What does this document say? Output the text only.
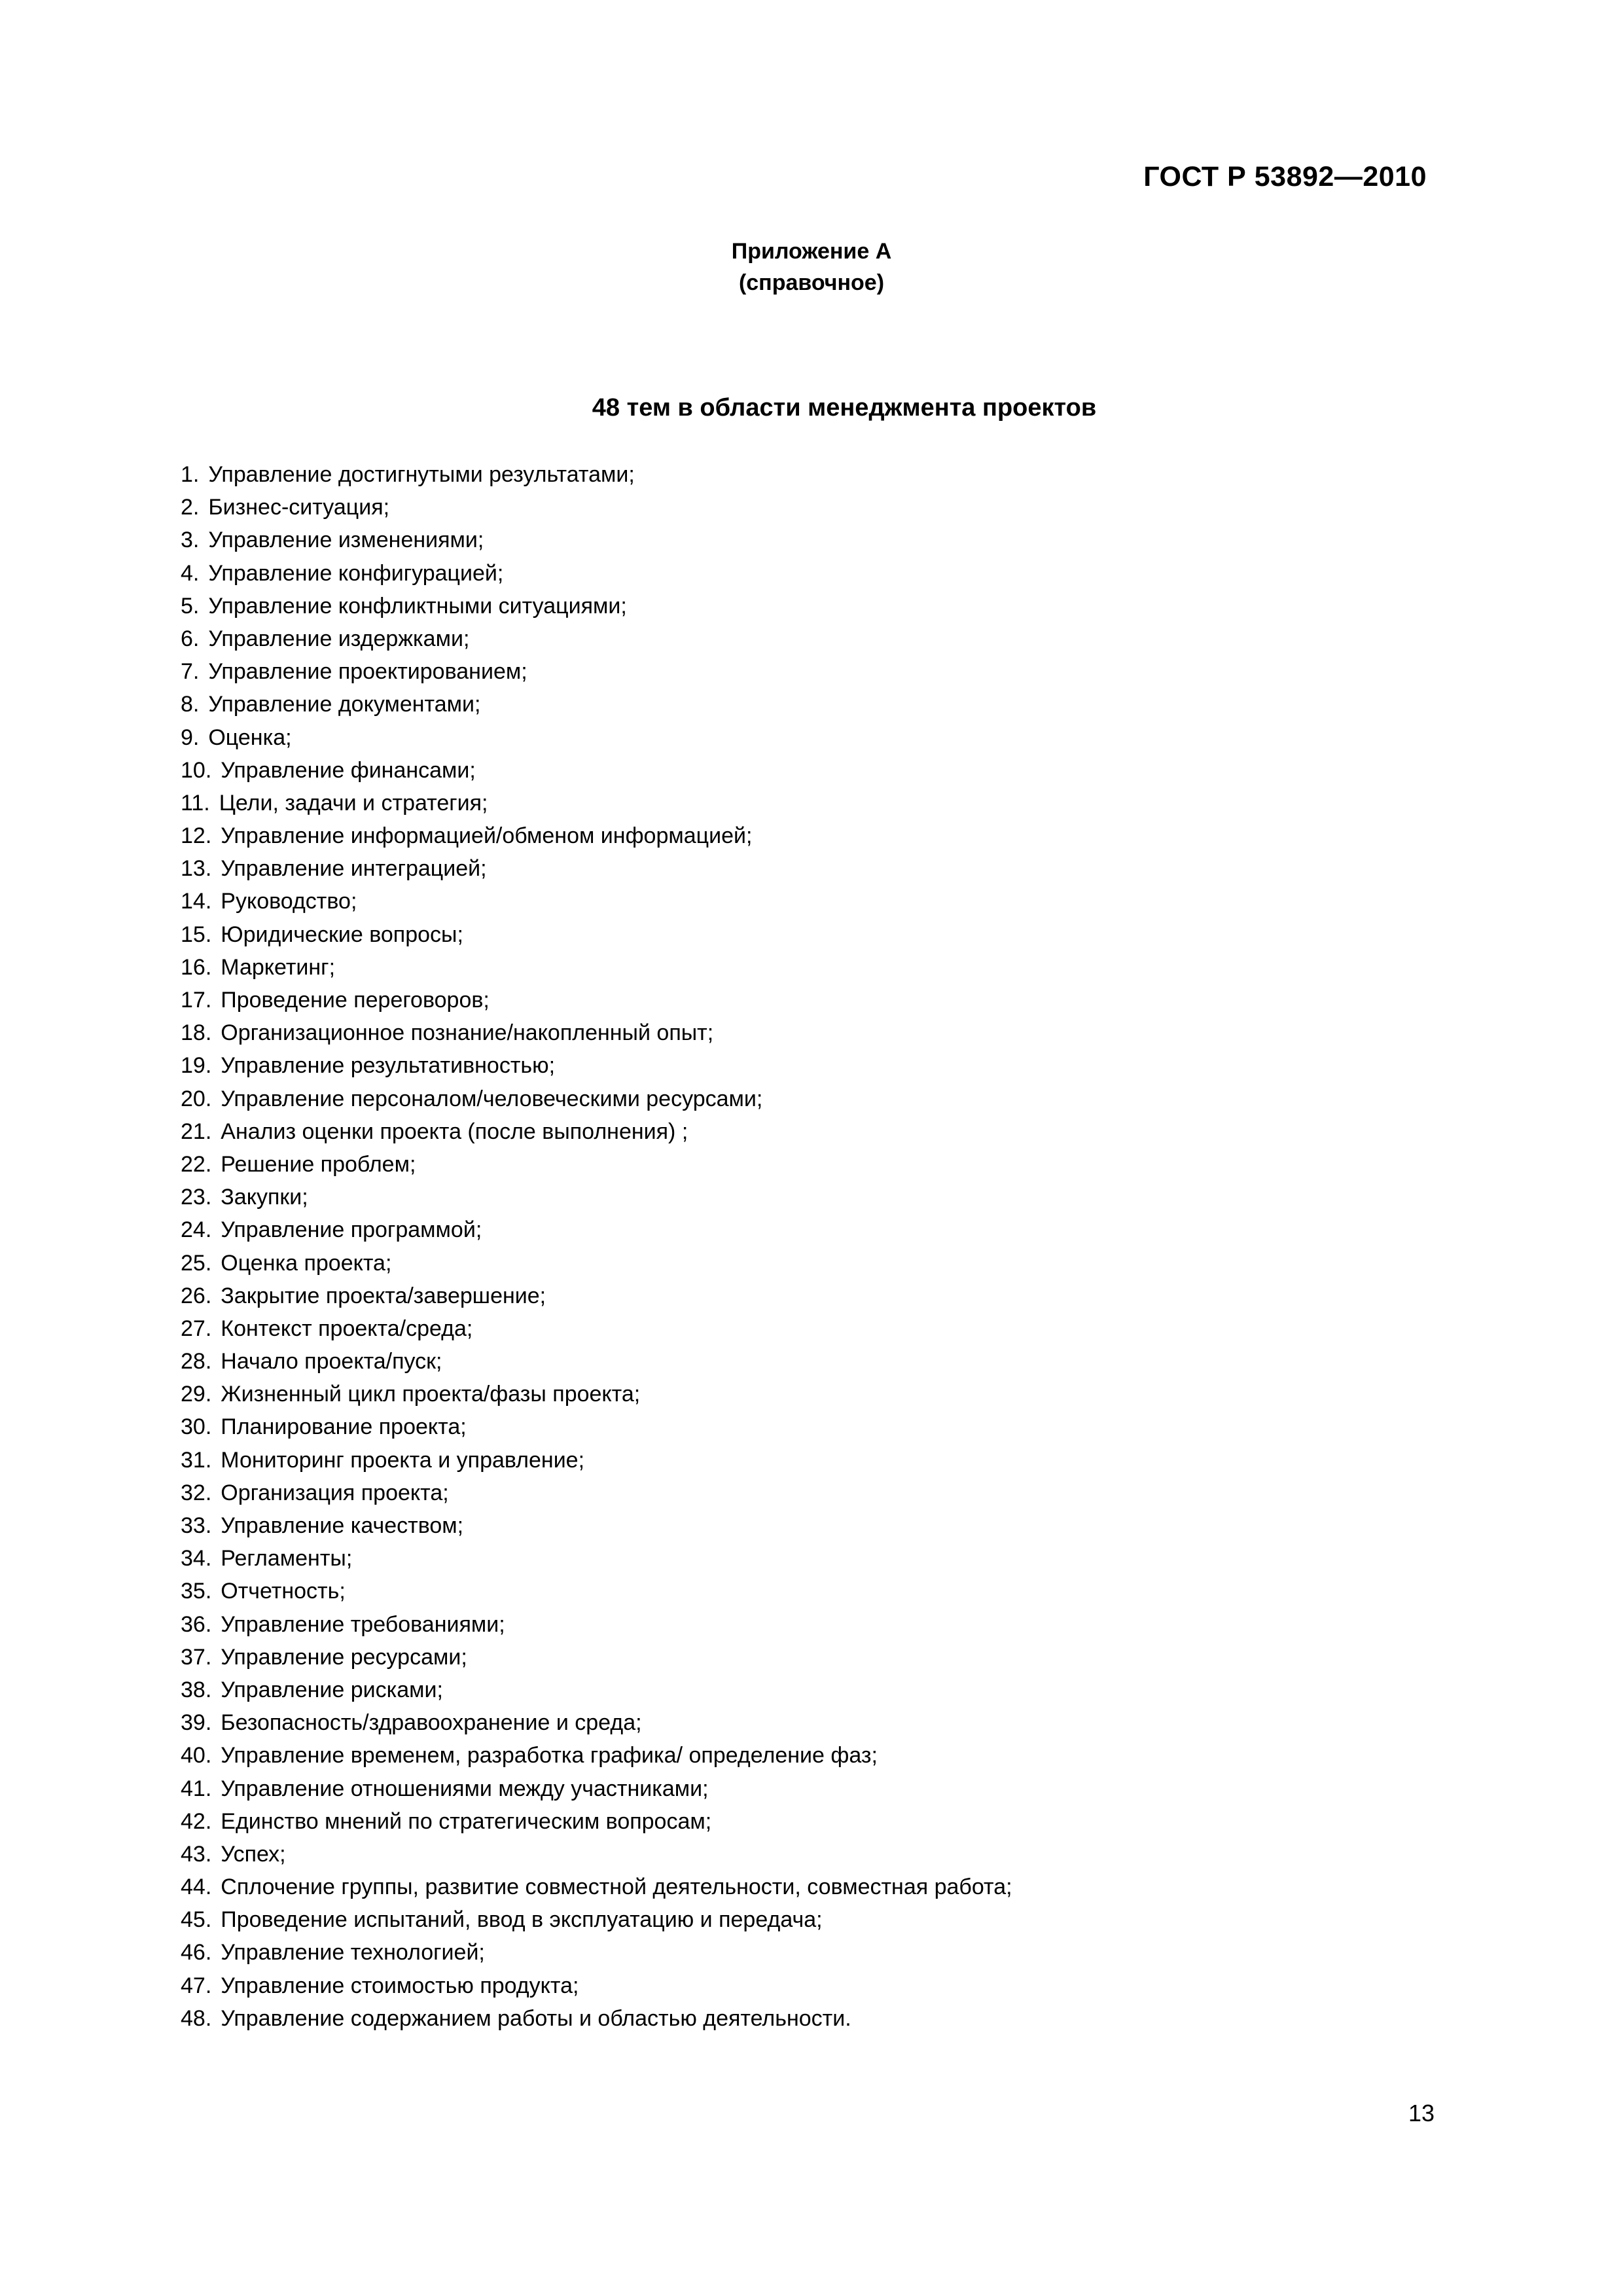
ГОСТ Р 53892—2010
Приложение А
(справочное)
48 тем в области менеджмента проектов
1. Управление достигнутыми результатами;
2. Бизнес-ситуация;
3. Управление изменениями;
4. Управление конфигурацией;
5. Управление конфликтными ситуациями;
6. Управление издержками;
7. Управление проектированием;
8. Управление документами;
9. Оценка;
10. Управление финансами;
11. Цели, задачи и стратегия;
12. Управление информацией/обменом информацией;
13. Управление интеграцией;
14. Руководство;
15. Юридические вопросы;
16. Маркетинг;
17. Проведение переговоров;
18. Организационное познание/накопленный опыт;
19. Управление результативностью;
20. Управление персоналом/человеческими ресурсами;
21. Анализ оценки проекта (после выполнения) ;
22. Решение проблем;
23. Закупки;
24. Управление программой;
25. Оценка проекта;
26. Закрытие проекта/завершение;
27. Контекст проекта/среда;
28. Начало проекта/пуск;
29. Жизненный цикл проекта/фазы проекта;
30. Планирование проекта;
31. Мониторинг проекта и управление;
32. Организация проекта;
33. Управление качеством;
34. Регламенты;
35. Отчетность;
36. Управление требованиями;
37. Управление ресурсами;
38. Управление рисками;
39. Безопасность/здравоохранение и среда;
40. Управление временем, разработка графика/ определение фаз;
41. Управление отношениями между участниками;
42. Единство мнений по стратегическим вопросам;
43. Успех;
44. Сплочение группы, развитие совместной деятельности, совместная работа;
45. Проведение испытаний, ввод в эксплуатацию и передача;
46. Управление технологией;
47. Управление стоимостью продукта;
48. Управление содержанием работы и областью деятельности.
13
